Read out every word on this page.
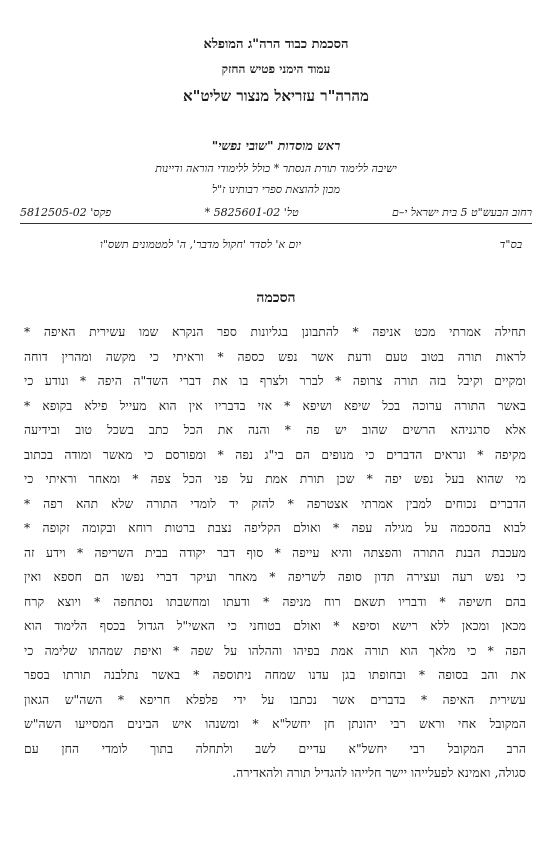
הסכמת כבוד הרה"ג המופלא
עמוד הימני פטיש החזק
מהרה"ר עזריאל מנצור שליט"א
ראש מוסדות "שובי נפשי"
ישיבה ללימוד תורת הנסתר * כולל ללימודי הוראה ודיינות
מכון להוצאת ספרי רבותינו ז"ל
רחוב הבעש"ט 5 בית ישראל י–ם
טל' 5825601-02 *
פקס' 5812505-02
בס"ד
יום א' לסדר 'חקול מדבר', ה' למטמונים תשס"ו
הסכמה
תחילה אמרתי מכט אניפה * להתבונן בגליונות ספר הנקרא שמו עשירית האיפה *
לראות תורה בטוב טעם ודעת אשר נפש כספה * וראיתי כי מקשה ומהרין דוחה
ומקיים וקיבל בזה תורה צרופה * לברר ולצרף בו את דברי השד"ה היפה * ונודע כי
באשר התורה ערוכה בכל שיפא ושיפא * אזי בדבריו אין הוא מעייל פילא בקופא *
אלא סרגניהא הרשים שהוב יש פה * והנה את הכל כתב בשכל טוב ובידיעה
מקיפה * ונראים הדברים כי מנופים הם בי"ג נפה * ומפורסם כי מאשר ומודה בכתוב
מי שהוא בעל נפש יפה * שכן תורת אמת על פני הכל צפה * ומאחר וראיתי כי
הדברים נכוחים למבין אמרתי אצטרפה * להזק יד לומדי התורה שלא תהא רפה *
לבוא בהסכמה על מגילה עפה * ואולם הקליפה נצבת ברטות רוחא ובקומה זקופה *
מעכבת הבנת התורה והפצתה והיא עייפה * סוף דבר יקודה בבית השריפה * וידע זה
כי נפש רעה ועצירה תדון סופה לשריפה * מאחר ועיקר דברי נפשו הם חספא ואין
בהם חשיפה * ודבריו תשאם רוח מניפה * ודעתו ומחשבתו נסתחפה * ויוצא קרח
מכאן ומכאן ללא רישא וסיפא * ואולם בטוחני כי האשי"ל הגדול בכסף הלימוד הוא
הפה * כי מלאך הוא תורה אמת בפיהו וההלהו על שפה * ואיפת שמהתו שלימה כי
את והב בסופה * ובחופתו בגן עדנו שמחה ניתוספה * באשר נתלבנה תורתו בספר
עשירית האיפה * בדברים אשר נכתבו על ידי פלפלא חריפא * השה"ש הגאון
המקובל אחי וראש רבי יהונתן חן יחשל"א * ומשנהו איש הבינים המסייעו השה"ש
הרב המקובל רבי יחשל"א עדיים לשב ולתחלה בתוך לומדי החן עם
סגולה, ואמינא לפעלייהו יישר חלייהו להגדיל תורה ולהאדירה.
